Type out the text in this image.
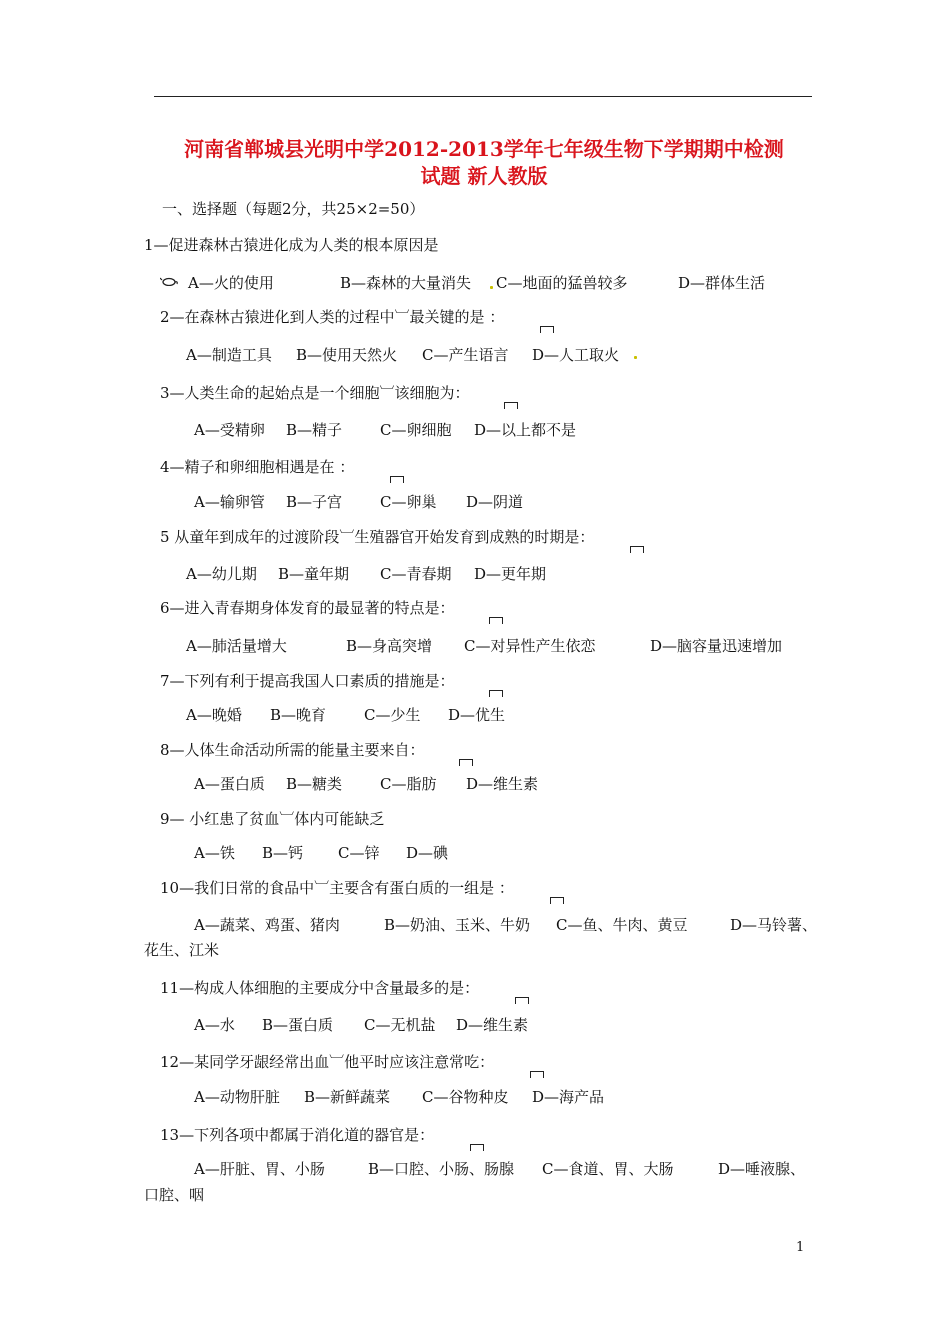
河南省郸城县光明中学2012-2013学年七年级生物下学期期中检测
试题 新人教版
一、选择题（每题2分，共25×2=50）
1—促进森林古猿进化成为人类的根本原因是
A—火的使用	B—森林的大量消失 C—地面的猛兽较多	D—群体生活
2—在森林古猿进化到人类的过程中︺最关键的是 ：
A—制造工具 B—使用天然火 C—产生语言 D—人工取火
3—人类生命的起始点是一个细胞︺该细胞为：
A—受精卵 B—精子	C—卵细胞 D—以上都不是
4—精子和卵细胞相遇是在 ：
A—输卵管 B—子宫	C—卵巢 D—阴道
5 从童年到成年的过渡阶段︺生殖器官开始发育到成熟的时期是：
A—幼儿期 B—童年期 C—青春期 D—更年期
6—进入青春期身体发育的最显著的特点是：
A—肺活量增大	B—身高突增 C—对异性产生依恋	D—脑容量迅速增加
7—下列有利于提高我国人口素质的措施是：
A—晚婚 B—晚育	C—少生 D—优生
8—人体生命活动所需的能量主要来自：
A—蛋白质 B—糖类	C—脂肪 D—维生素
9— 小红患了贫血︺体内可能缺乏
A—铁 B—钙 C—锌 D—碘
10—我们日常的食品中︺主要含有蛋白质的一组是 ：
A—蔬菜、鸡蛋、猪肉	B—奶油、玉米、牛奶 C—鱼、牛肉、黄豆	D—马铃薯、
花生、江米
11—构成人体细胞的主要成分中含量最多的是：
A—水 B—蛋白质 C—无机盐 D—维生素
12—某同学牙龈经常出血︺他平时应该注意常吃：
A—动物肝脏 B—新鲜蔬菜 C—谷物种皮 D—海产品
13—下列各项中都属于消化道的器官是：
A—肝脏、胃、小肠	B—口腔、小肠、肠腺 C—食道、胃、大肠	D—唾液腺、
口腔、咽
1
